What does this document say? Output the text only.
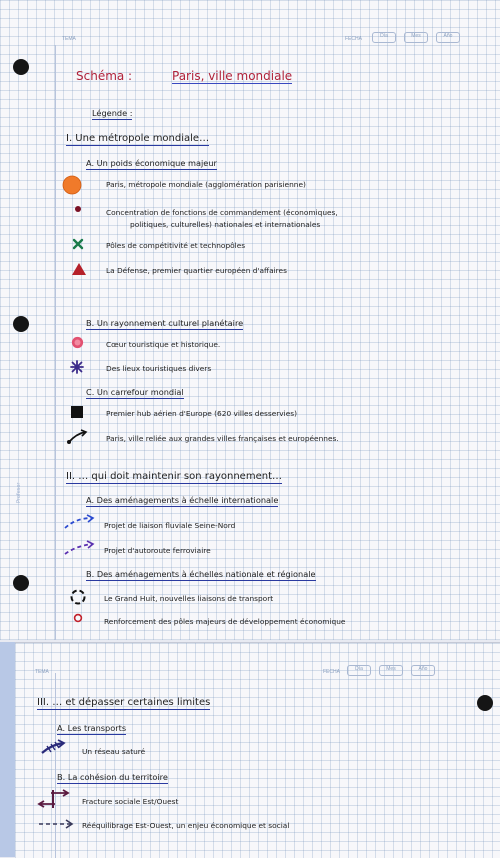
TEMA	FECHA	Día	Mes	Año
Schéma :	Paris, ville mondiale
Légende :
I. Une métropole mondiale…
A. Un poids économique majeur
Paris, métropole mondiale (agglomération parisienne)
Concentration de fonctions de commandement (économiques,
politiques, culturelles) nationales et internationales
Pôles de compétitivité et technopôles
La Défense, premier quartier européen d'affaires
B. Un rayonnement culturel planétaire
Cœur touristique et historique.
Des lieux touristiques divers
C. Un carrefour mondial
Premier hub aérien d'Europe (620 villes desservies)
Paris, ville reliée aux grandes villes françaises et européennes.
II. … qui doit maintenir son rayonnement…
A. Des aménagements à échelle internationale
Projet de liaison fluviale Seine-Nord
Projet d'autoroute ferroviaire
B. Des aménagements à échelles nationale et régionale
Le Grand Huit, nouvelles liaisons de transport
Renforcement des pôles majeurs de développement économique
Profesor
TEMA	FECHA	Día	Mes	Año
III. … et dépasser certaines limites
A. Les transports
Un réseau saturé
B. La cohésion du territoire
Fracture sociale Est/Ouest
Rééquilibrage Est-Ouest, un enjeu économique et social
